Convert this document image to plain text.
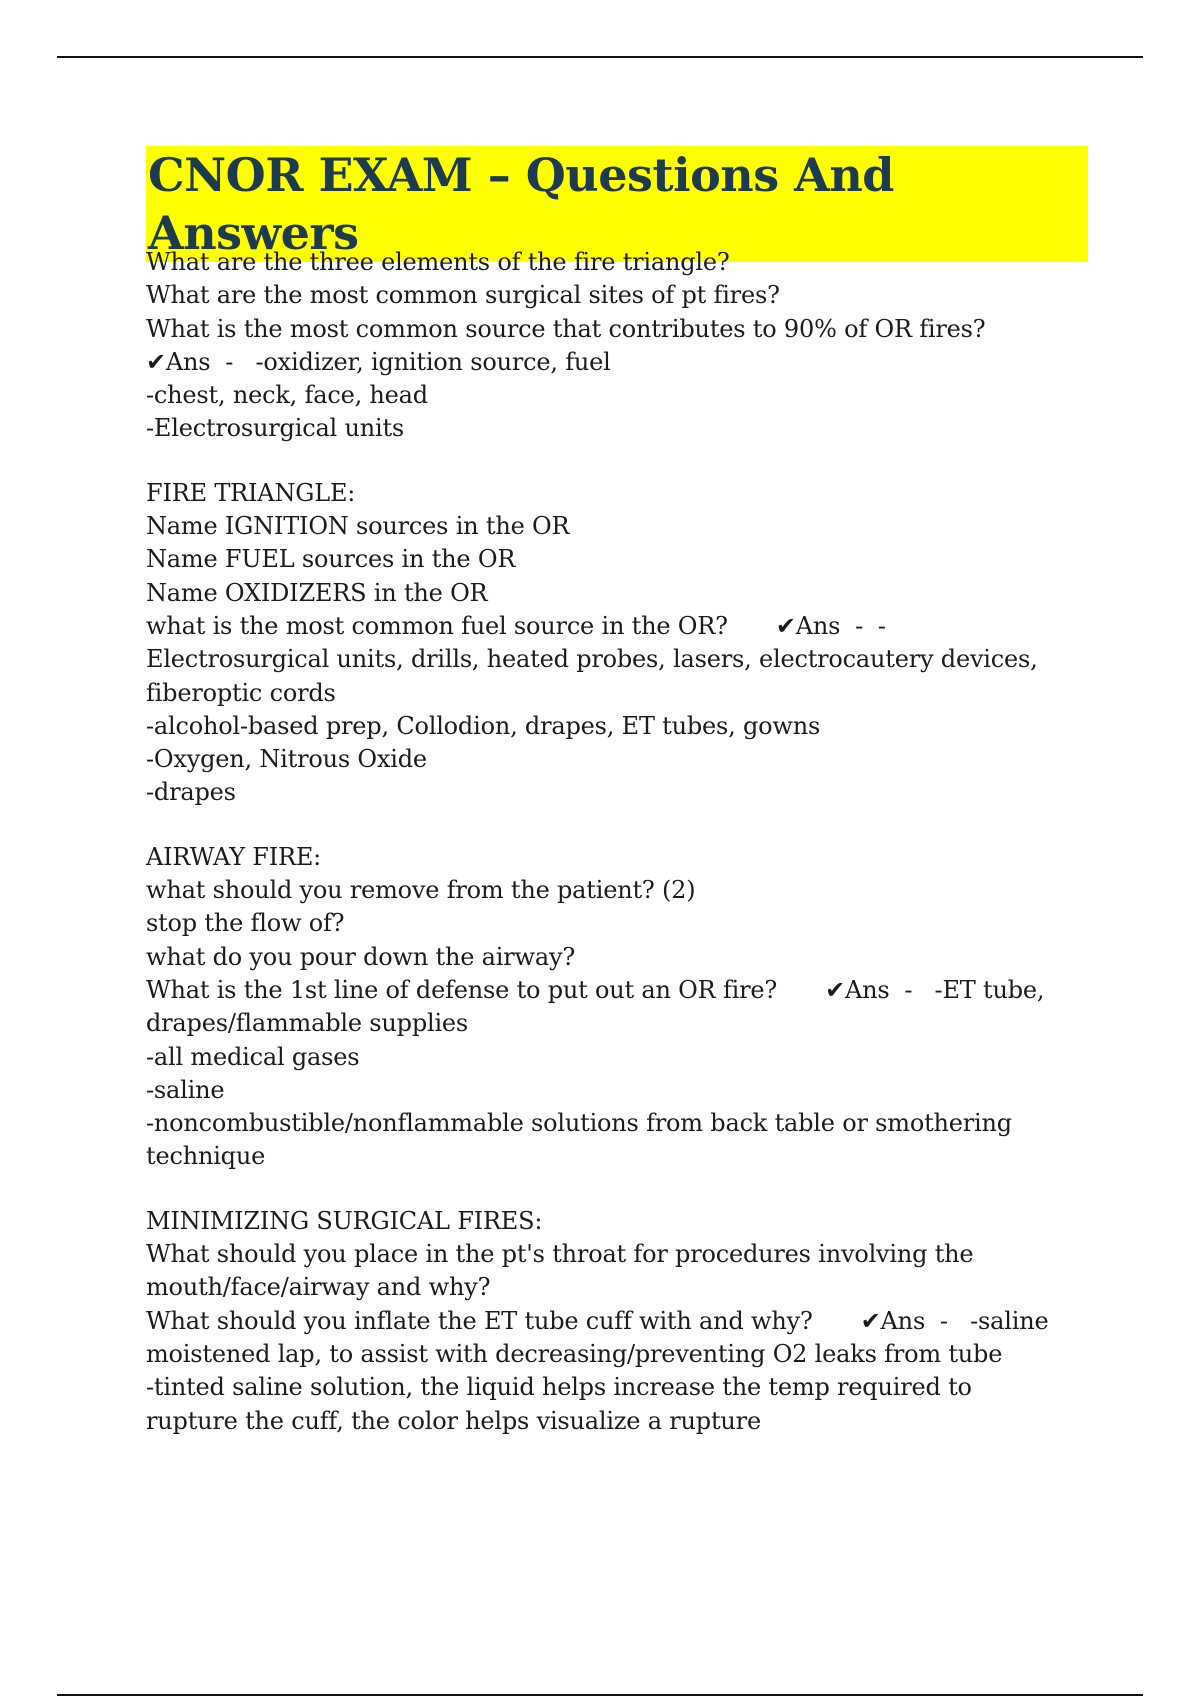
CNOR EXAM – Questions And Answers
What are the three elements of the fire triangle?
What are the most common surgical sites of pt fires?
What is the most common source that contributes to 90% of OR fires?
✔Ans  -   -oxidizer, ignition source, fuel
-chest, neck, face, head
-Electrosurgical units
FIRE TRIANGLE:
Name IGNITION sources in the OR
Name FUEL sources in the OR
Name OXIDIZERS in the OR
what is the most common fuel source in the OR? ✔Ans  -  -
Electrosurgical units, drills, heated probes, lasers, electrocautery devices,
fiberoptic cords
-alcohol-based prep, Collodion, drapes, ET tubes, gowns
-Oxygen, Nitrous Oxide
-drapes
AIRWAY FIRE:
what should you remove from the patient? (2)
stop the flow of?
what do you pour down the airway?
What is the 1st line of defense to put out an OR fire? ✔Ans  -   -ET tube,
drapes/flammable supplies
-all medical gases
-saline
-noncombustible/nonflammable solutions from back table or smothering
technique
MINIMIZING SURGICAL FIRES:
What should you place in the pt's throat for procedures involving the
mouth/face/airway and why?
What should you inflate the ET tube cuff with and why? ✔Ans  -   -saline
moistened lap, to assist with decreasing/preventing O2 leaks from tube
-tinted saline solution, the liquid helps increase the temp required to
rupture the cuff, the color helps visualize a rupture
